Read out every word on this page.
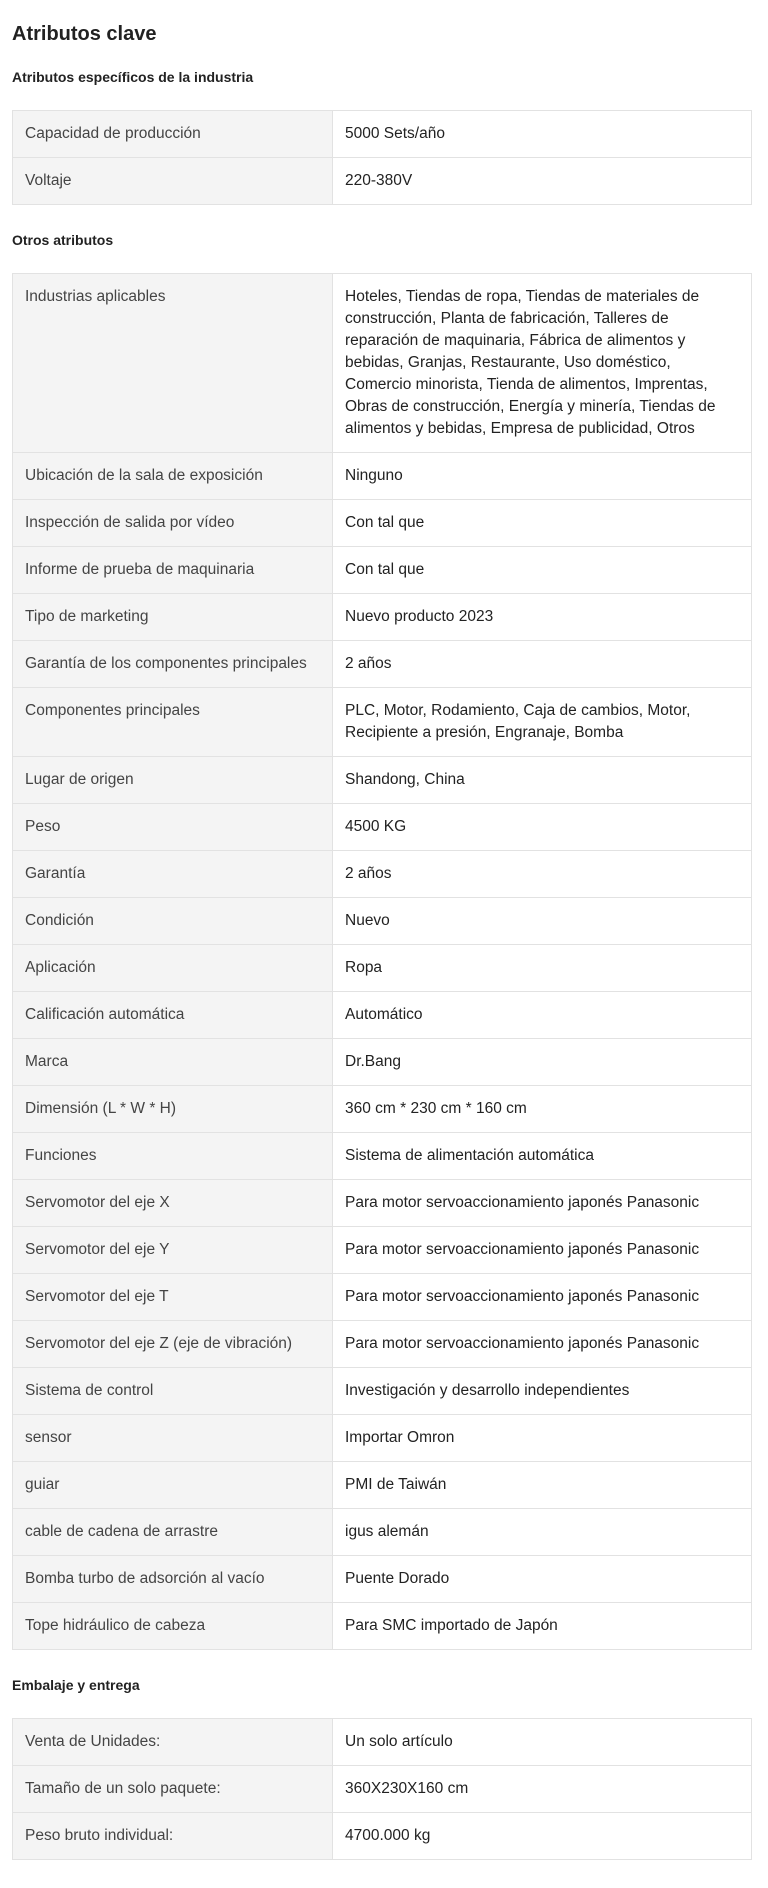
Atributos clave
Atributos específicos de la industria
Capacidad de producción	5000 Sets/año
Voltaje	220-380V
Otros atributos
Industrias aplicables	Hoteles, Tiendas de ropa, Tiendas de materiales de construcción, Planta de fabricación, Talleres de reparación de maquinaria, Fábrica de alimentos y bebidas, Granjas, Restaurante, Uso doméstico, Comercio minorista, Tienda de alimentos, Imprentas, Obras de construcción, Energía y minería, Tiendas de alimentos y bebidas, Empresa de publicidad, Otros
Ubicación de la sala de exposición	Ninguno
Inspección de salida por vídeo	Con tal que
Informe de prueba de maquinaria	Con tal que
Tipo de marketing	Nuevo producto 2023
Garantía de los componentes principales	2 años
Componentes principales	PLC, Motor, Rodamiento, Caja de cambios, Motor, Recipiente a presión, Engranaje, Bomba
Lugar de origen	Shandong, China
Peso	4500 KG
Garantía	2 años
Condición	Nuevo
Aplicación	Ropa
Calificación automática	Automático
Marca	Dr.Bang
Dimensión (L * W * H)	360 cm * 230 cm * 160 cm
Funciones	Sistema de alimentación automática
Servomotor del eje X	Para motor servoaccionamiento japonés Panasonic
Servomotor del eje Y	Para motor servoaccionamiento japonés Panasonic
Servomotor del eje T	Para motor servoaccionamiento japonés Panasonic
Servomotor del eje Z (eje de vibración)	Para motor servoaccionamiento japonés Panasonic
Sistema de control	Investigación y desarrollo independientes
sensor	Importar Omron
guiar	PMI de Taiwán
cable de cadena de arrastre	igus alemán
Bomba turbo de adsorción al vacío	Puente Dorado
Tope hidráulico de cabeza	Para SMC importado de Japón
Embalaje y entrega
Venta de Unidades:	Un solo artículo
Tamaño de un solo paquete:	360X230X160 cm
Peso bruto individual:	4700.000 kg
